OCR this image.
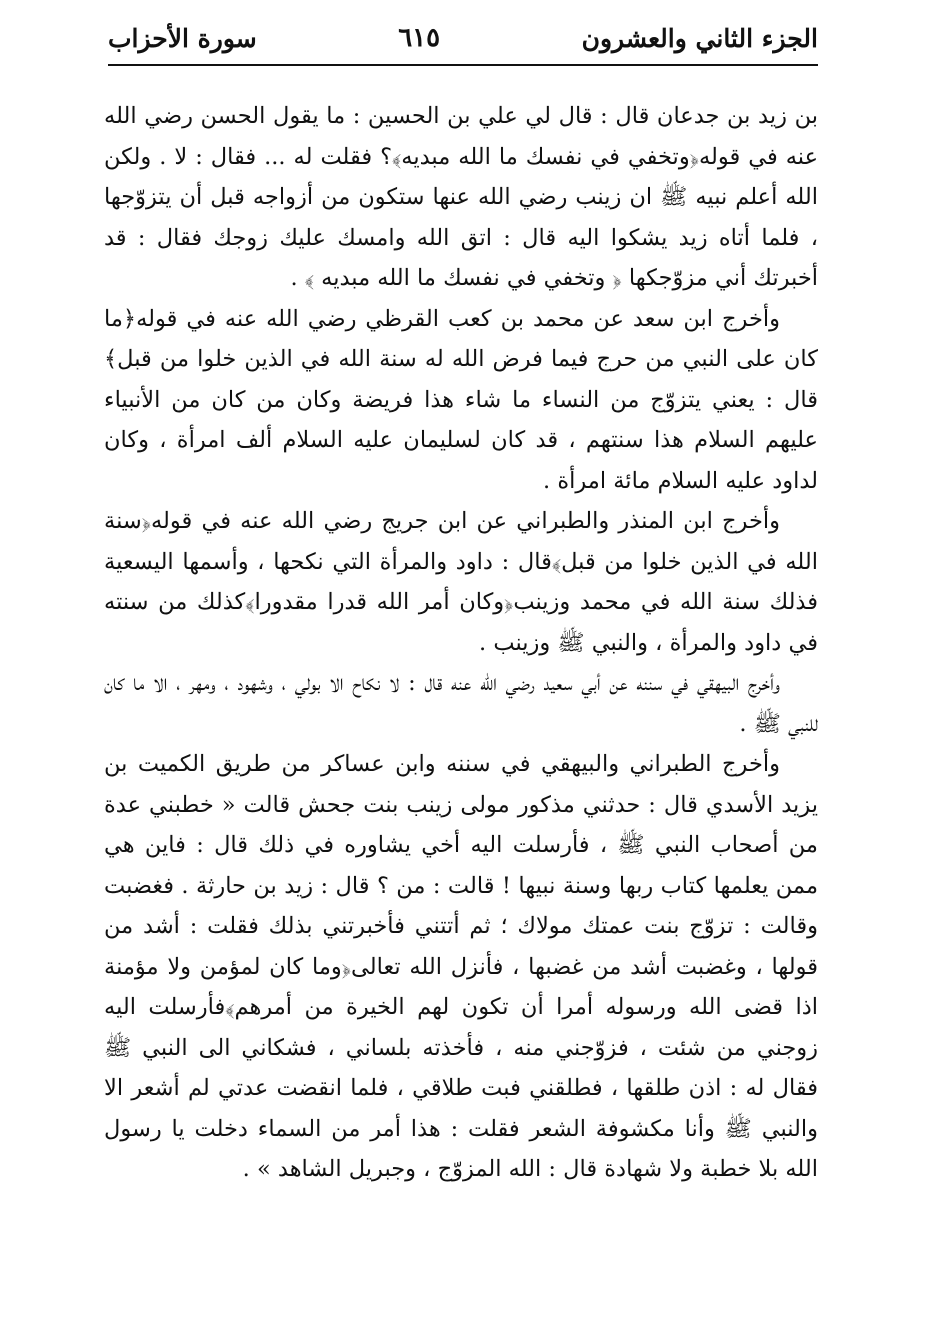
الجزء الثاني والعشرون
٦١٥
سورة الأحزاب

بن زيد بن جدعان قال : قال لي علي بن الحسين : ما يقول الحسن رضي الله عنه في قوله﴿وتخفي في نفسك ما الله مبديه﴾؟ فقلت له ... فقال : لا . ولكن الله أعلم نبيه ﷺ ان زينب رضي الله عنها ستكون من أزواجه قبل أن يتزوّجها ، فلما أتاه زيد يشكوا اليه قال : اتق الله وامسك عليك زوجك فقال : قد أخبرتك أني مزوّجكها ﴿ وتخفي في نفسك ما الله مبديه ﴾ .

وأخرج ابن سعد عن محمد بن كعب القرظي رضي الله عنه في قوله﴿ما كان على النبي من حرج فيما فرض الله له سنة الله في الذين خلوا من قبل﴾ قال : يعني يتزوّج من النساء ما شاء هذا فريضة وكان من كان من الأنبياء عليهم السلام هذا سنتهم ، قد كان لسليمان عليه السلام ألف امرأة ، وكان لداود عليه السلام مائة امرأة .

وأخرج ابن المنذر والطبراني عن ابن جريج رضي الله عنه في قوله﴿سنة الله في الذين خلوا من قبل﴾قال : داود والمرأة التي نكحها ، وأسمها اليسعية فذلك سنة الله في محمد وزينب﴿وكان أمر الله قدرا مقدورا﴾كذلك من سنته في داود والمرأة ، والنبي ﷺ وزينب .

وأخرج البيهقي في سننه عن أبي سعيد رضي الله عنه قال : لا نكاح الا بولي ، وشهود ، ومهر ، الا ما كان للنبي ﷺ .

وأخرج الطبراني والبيهقي في سننه وابن عساكر من طريق الكميت بن يزيد الأسدي قال : حدثني مذكور مولى زينب بنت جحش قالت « خطبني عدة من أصحاب النبي ﷺ ، فأرسلت اليه أخي يشاوره في ذلك قال : فاين هي ممن يعلمها كتاب ربها وسنة نبيها ! قالت : من ؟ قال : زيد بن حارثة . فغضبت وقالت : تزوّج بنت عمتك مولاك ؛ ثم أتتني فأخبرتني بذلك فقلت : أشد من قولها ، وغضبت أشد من غضبها ، فأنزل الله تعالى﴿وما كان لمؤمن ولا مؤمنة اذا قضى الله ورسوله أمرا أن تكون لهم الخيرة من أمرهم﴾فأرسلت اليه زوجني من شئت ، فزوّجني منه ، فأخذته بلساني ، فشكاني الى النبي ﷺ فقال له : اذن طلقها ، فطلقني فبت طلاقي ، فلما انقضت عدتي لم أشعر الا والنبي ﷺ وأنا مكشوفة الشعر فقلت : هذا أمر من السماء دخلت يا رسول الله بلا خطبة ولا شهادة قال : الله المزوّج ، وجبريل الشاهد » .
